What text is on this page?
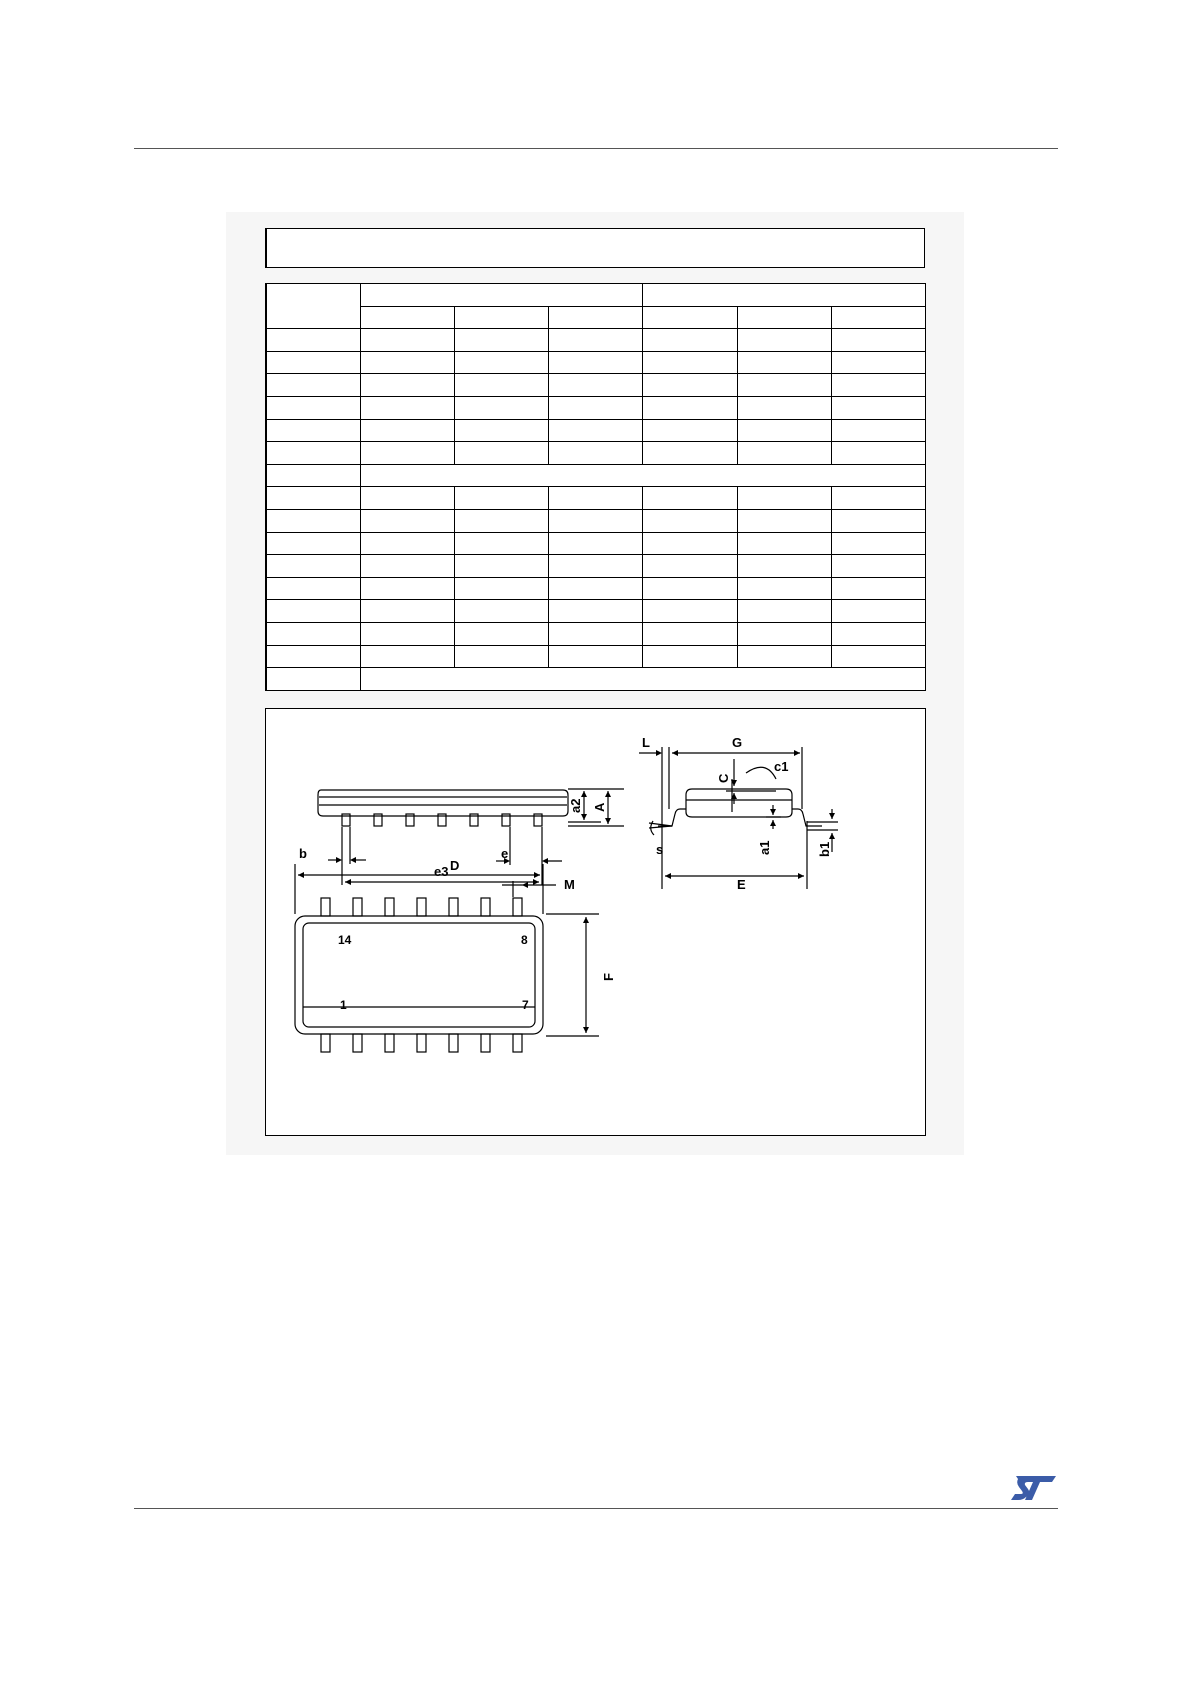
b	e
e3
a2 A
L	G
C
c1
s	a1	b1
E
D
M
F
14	8
1	7
